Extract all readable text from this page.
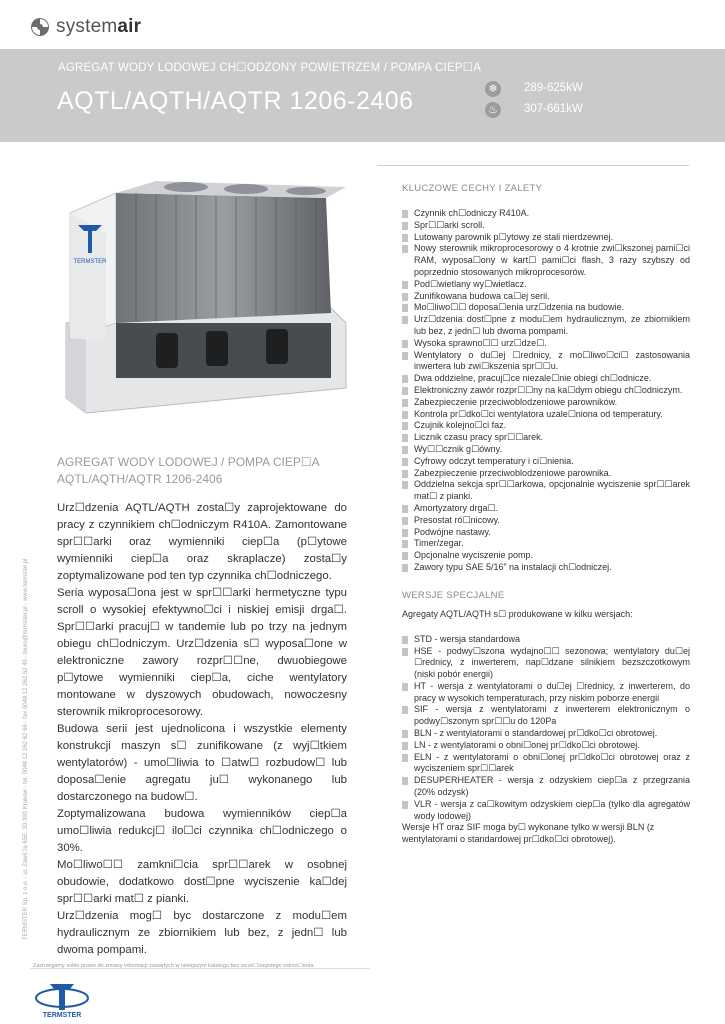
systemair
AGREGAT WODY LODOWEJ CH☐ODZONY POWIETRZEM / POMPA CIEP☐A
AQTL/AQTH/AQTR 1206-2406	❄
♨
289-625kW
307-661kW
TERMSTER Sp. z o.o. - ul. Zawi☐a 65E, 30-390 Kraków - tel. 0048 12 262 62 66 - fax 0048 12 262 52 49 - biuro@termster.pl - www.termster.pl
TERMSTER
AGREGAT WODY LODOWEJ / POMPA CIEP☐A
AQTL/AQTH/AQTR 1206-2406

Urz☐dzenia AQTL/AQTH zosta☐y zaprojektowane do pracy z czynnikiem ch☐odniczym R410A. Zamontowane spr☐☐arki oraz wymienniki ciep☐a (p☐ytowe wymienniki ciep☐a oraz skraplacze) zosta☐y zoptymalizowane pod ten typ czynnika ch☐odniczego.

Seria wyposa☐ona jest w spr☐☐arki hermetyczne typu scroll o wysokiej efektywno☐ci i niskiej emisji drga☐. Spr☐☐arki pracuj☐ w tandemie lub po trzy na jednym obiegu ch☐odniczym. Urz☐dzenia s☐ wyposa☐one w elektroniczne zawory rozpr☐☐ne, dwuobiegowe p☐ytowe wymienniki ciep☐a, ciche wentylatory montowane w dyszowych obudowach, nowoczesny sterownik mikroprocesorowy.

Budowa serii jest ujednolicona i wszystkie elementy konstrukcji maszyn s☐ zunifikowane (z wyj☐tkiem wentylatorów) - umo☐liwia to ☐atw☐ rozbudow☐ lub doposa☐enie agregatu ju☐ wykonanego lub dostarczonego na budow☐.

Zoptymalizowana budowa wymienników ciep☐a umo☐liwia redukcj☐ ilo☐ci czynnika ch☐odniczego o 30%.

Mo☐liwo☐☐ zamkni☐cia spr☐☐arek w osobnej obudowie, dodatkowo dost☐pne wyciszenie ka☐dej spr☐☐arki mat☐ z pianki.

Urz☐dzenia mog☐ byc dostarczone z modu☐em hydraulicznym ze zbiornikiem lub bez, z jedn☐ lub dwoma pompami.

KLUCZOWE CECHY I ZALETY
Czynnik ch☐odniczy R410A.
Spr☐☐arki scroll.
Lutowany parownik p☐ytowy ze stali nierdzewnej.
Nowy sterownik mikroprocesorowy o 4 krotnie zwi☐kszonej pami☐ci RAM, wyposa☐ony w kart☐ pami☐ci flash, 3 razy szybszy od poprzednio stosowanych mikroprocesorów.
Pod☐wietlany wy☐wietlacz.
Zunifikowana budowa ca☐ej serii.
Mo☐liwo☐☐ doposa☐enia urz☐dzenia na budowie.
Urz☐dzenia dost☐pne z modu☐em hydraulicznym, ze zbiornikiem lub bez, z jedn☐ lub dwoma pompami.
Wysoka sprawno☐☐ urz☐dze☐.
Wentylatory o du☐ej ☐rednicy, z mo☐liwo☐ci☐ zastosowania inwertera lub zwi☐kszenia spr☐☐u.
Dwa oddzielne, pracuj☐ce niezale☐nie obiegi ch☐odnicze.
Elektroniczny zawór rozpr☐☐ny na ka☐dym obiegu ch☐odniczym.
Zabezpieczenie przeciwoblodzeniowe parowników.
Kontrola pr☐dko☐ci wentylatora uzale☐niona od temperatury.
Czujnik kolejno☐ci faz.
Licznik czasu pracy spr☐☐arek.
Wy☐☐cznik g☐ówny.
Cyfrowy odczyt temperatury i ci☐nienia.
Zabezpieczenie przeciwoblodzeniowe parownika.
Oddzielna sekcja spr☐☐arkowa, opcjonalnie wyciszenie spr☐☐arek mat☐ z pianki.
Amortyzatory drga☐.
Presostat ró☐nicowy.
Podwójne nastawy.
Timer/zegar.
Opcjonalne wyciszenie pomp.
Zawory typu SAE 5/16” na instalacji ch☐odniczej.
WERSJE SPECJALNE
Agregaty AQTL/AQTH s☐ produkowane w kilku wersjach:
STD - wersja standardowa
HSE - podwy☐szona wydajno☐☐ sezonowa; wentylatory du☐ej ☐rednicy, z inwerterem, nap☐dzane silnikiem bezszczotkowym (niski pobór energii)
HT - wersja z wentylatorami o du☐ej ☐rednicy, z inwerterem, do pracy w wysokich temperaturach, przy niskim poborze energii
SIF - wersja z wentylatorami z inwerterem elektronicznym o podwy☐szonym spr☐☐u do 120Pa
BLN - z wentylatorami o standardowej pr☐dko☐ci obrotowej.
LN - z wentylatorami o obni☐onej pr☐dko☐ci obrotowej.
ELN - z wentylatorami o obni☐onej pr☐dko☐ci obrotowej oraz z wyciszeniem spr☐☐arek
DESUPERHEATER - wersja z odzyskiem ciep☐a z przegrzania (20% odzysk)
VLR - wersja z ca☐kowitym odzyskiem ciep☐a (tylko dla agregatów wody lodowej)
Wersje HT oraz SIF moga by☐ wykonane tylko w wersji BLN (z wentylatorami o standardowej pr☐dko☐ci obrotowej).
Zastrzegamy sobie prawo do zmiany informacji zawartych w niniejszym katalogu bez wcze☐niejszego ostrze☐enia.
TERMSTER
